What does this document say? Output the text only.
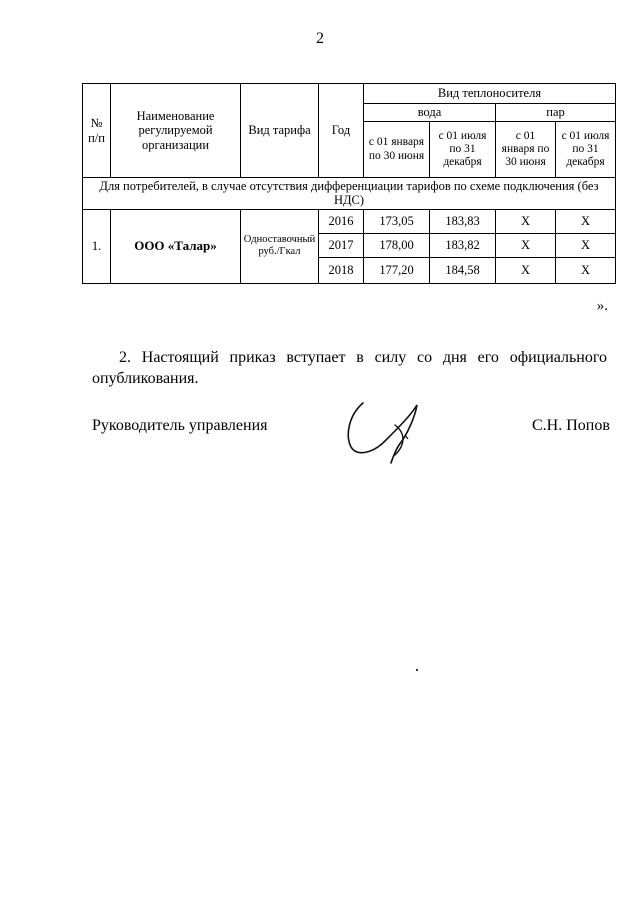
2
№ п/п	Наименование регулируемой организации	Вид тарифа	Год	Вид теплоносителя			
				вода		пар	
				с 01 января по 30 июня	с 01 июля по 31 декабря	с 01 января по 30 июня	с 01 июля по 31 декабря
Для потребителей, в случае отсутствия дифференциации тарифов по схеме подключения (без НДС)							
1.	ООО «Талар»	Одноставочный руб./Гкал	2016	173,05	183,83	X	X
			2017	178,00	183,82	X	X
			2018	177,20	184,58	X	X
».
2. Настоящий приказ вступает в силу со дня его официального опубликования.
Руководитель управления	С.Н. Попов
